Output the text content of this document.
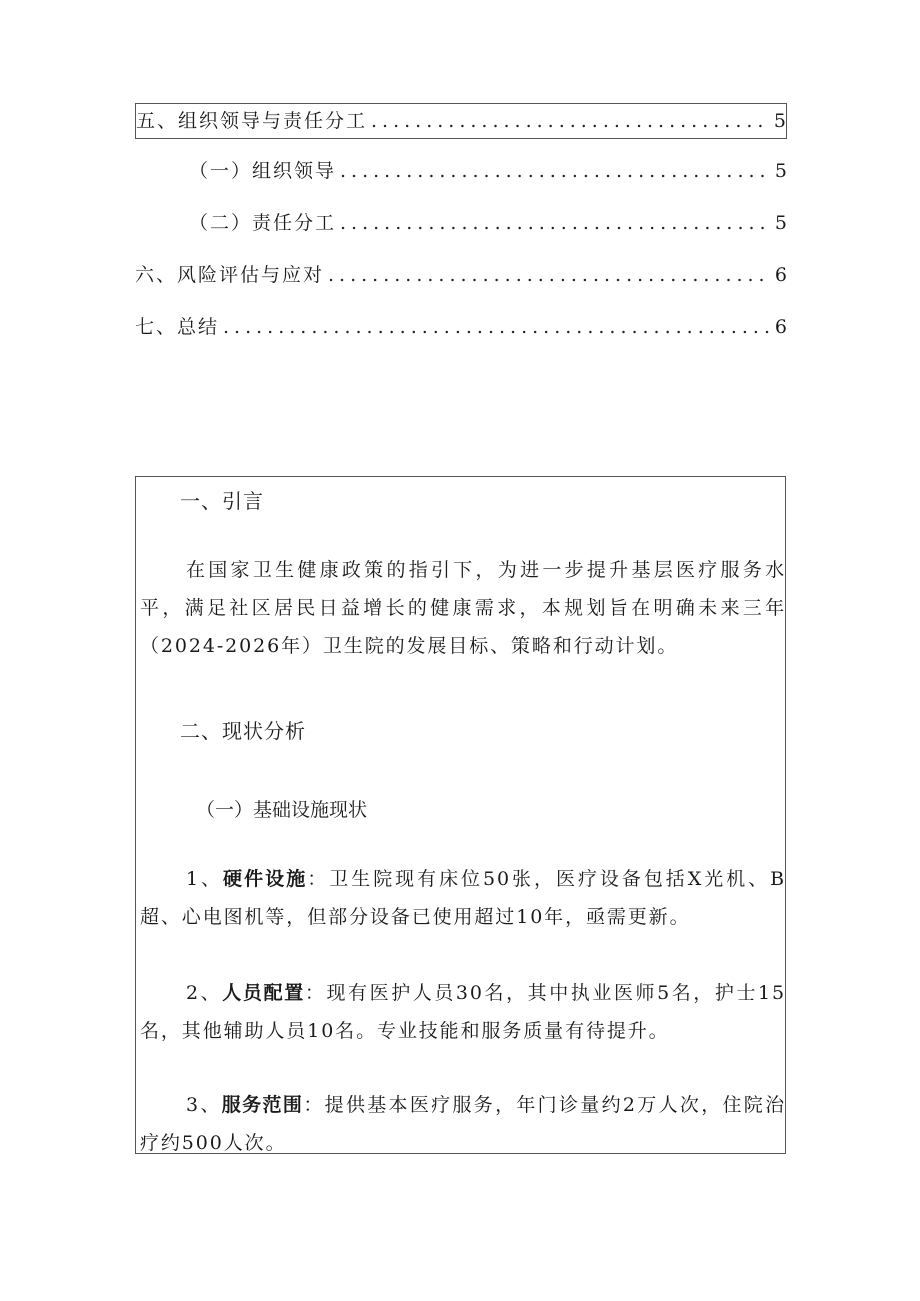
五、组织领导与责任分工 .....	5
（一）组织领导 .....	5
（二）责任分工 .....	5
六、风险评估与应对 .....	6
七、总结 .....	6
一、引言
在国家卫生健康政策的指引下，为进一步提升基层医疗服务水平，满足社区居民日益增长的健康需求，本规划旨在明确未来三年（2024-2026年）卫生院的发展目标、策略和行动计划。
二、现状分析
（一）基础设施现状
1、硬件设施：卫生院现有床位50张，医疗设备包括X光机、B超、心电图机等，但部分设备已使用超过10年，亟需更新。
2、人员配置：现有医护人员30名，其中执业医师5名，护士15名，其他辅助人员10名。专业技能和服务质量有待提升。
3、服务范围：提供基本医疗服务，年门诊量约2万人次，住院治疗约500人次。
